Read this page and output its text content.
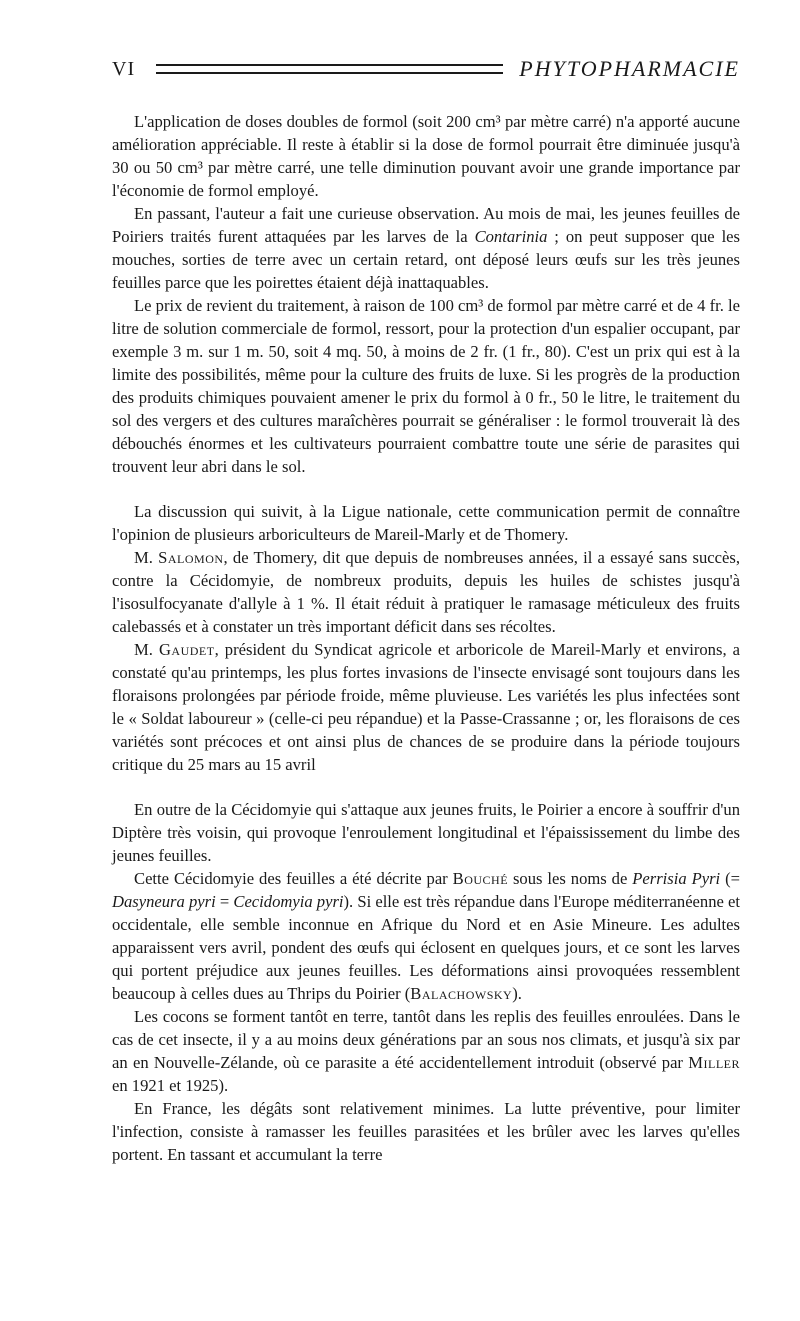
VI	PHYTOPHARMACIE

L'application de doses doubles de formol (soit 200 cm³ par mètre carré) n'a apporté aucune amélioration appréciable. Il reste à établir si la dose de formol pourrait être diminuée jusqu'à 30 ou 50 cm³ par mètre carré, une telle diminution pouvant avoir une grande importance par l'économie de formol employé.

En passant, l'auteur a fait une curieuse observation. Au mois de mai, les jeunes feuilles de Poiriers traités furent attaquées par les larves de la Contarinia ; on peut supposer que les mouches, sorties de terre avec un certain retard, ont déposé leurs œufs sur les très jeunes feuilles parce que les poirettes étaient déjà inattaquables.

Le prix de revient du traitement, à raison de 100 cm³ de formol par mètre carré et de 4 fr. le litre de solution commerciale de formol, ressort, pour la protection d'un espalier occupant, par exemple 3 m. sur 1 m. 50, soit 4 mq. 50, à moins de 2 fr. (1 fr., 80). C'est un prix qui est à la limite des possibilités, même pour la culture des fruits de luxe. Si les progrès de la production des produits chimiques pouvaient amener le prix du formol à 0 fr., 50 le litre, le traitement du sol des vergers et des cultures maraîchères pourrait se généraliser : le formol trouverait là des débouchés énormes et les cultivateurs pourraient combattre toute une série de parasites qui trouvent leur abri dans le sol.

La discussion qui suivit, à la Ligue nationale, cette communication permit de connaître l'opinion de plusieurs arboriculteurs de Mareil-Marly et de Thomery.

M. Salomon, de Thomery, dit que depuis de nombreuses années, il a essayé sans succès, contre la Cécidomyie, de nombreux produits, depuis les huiles de schistes jusqu'à l'isosulfocyanate d'allyle à 1 %. Il était réduit à pratiquer le ramasage méticuleux des fruits calebassés et à constater un très important déficit dans ses récoltes.

M. Gaudet, président du Syndicat agricole et arboricole de Mareil-Marly et environs, a constaté qu'au printemps, les plus fortes invasions de l'insecte envisagé sont toujours dans les floraisons prolongées par période froide, même pluvieuse. Les variétés les plus infectées sont le « Soldat laboureur » (celle-ci peu répandue) et la Passe-Crassanne ; or, les floraisons de ces variétés sont précoces et ont ainsi plus de chances de se produire dans la période toujours critique du 25 mars au 15 avril

En outre de la Cécidomyie qui s'attaque aux jeunes fruits, le Poirier a encore à souffrir d'un Diptère très voisin, qui provoque l'enroulement longitudinal et l'épaississement du limbe des jeunes feuilles.

Cette Cécidomyie des feuilles a été décrite par Bouché sous les noms de Perrisia Pyri (= Dasyneura pyri = Cecidomyia pyri). Si elle est très répandue dans l'Europe méditerranéenne et occidentale, elle semble inconnue en Afrique du Nord et en Asie Mineure. Les adultes apparaissent vers avril, pondent des œufs qui éclosent en quelques jours, et ce sont les larves qui portent préjudice aux jeunes feuilles. Les déformations ainsi provoquées ressemblent beaucoup à celles dues au Thrips du Poirier (Balachowsky).

Les cocons se forment tantôt en terre, tantôt dans les replis des feuilles enroulées. Dans le cas de cet insecte, il y a au moins deux générations par an sous nos climats, et jusqu'à six par an en Nouvelle-Zélande, où ce parasite a été accidentellement introduit (observé par Miller en 1921 et 1925).

En France, les dégâts sont relativement minimes. La lutte préventive, pour limiter l'infection, consiste à ramasser les feuilles parasitées et les brûler avec les larves qu'elles portent. En tassant et accumulant la terre
